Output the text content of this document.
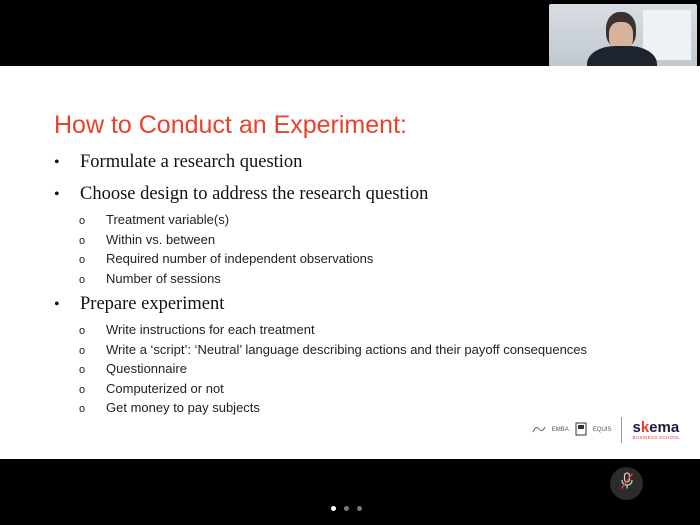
How to Conduct an Experiment:
•	Formulate a research question
•	Choose design to address the research question
o	Treatment variable(s)
o	Within vs. between
o	Required number of independent observations
o	Number of sessions
•	Prepare experiment
o	Write instructions for each treatment
o	Write a ‘script’: ‘Neutral’ language describing actions and their payoff consequences
o	Questionnaire
o	Computerized or not
o	Get money to pay subjects
EMBA	EQUIS skema
BUSINESS SCHOOL
